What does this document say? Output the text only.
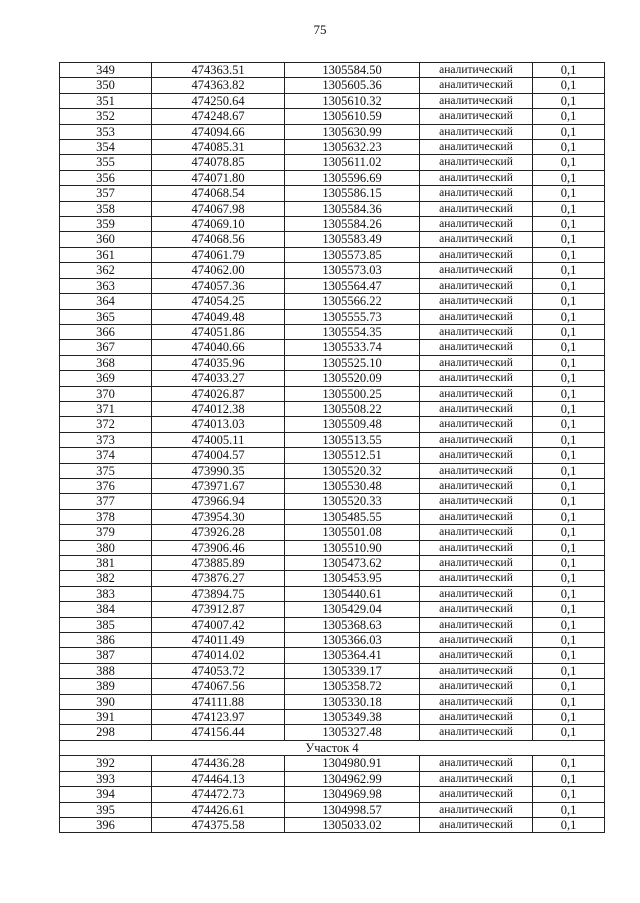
75
349	474363.51	1305584.50	аналитический	0,1
350	474363.82	1305605.36	аналитический	0,1
351	474250.64	1305610.32	аналитический	0,1
352	474248.67	1305610.59	аналитический	0,1
353	474094.66	1305630.99	аналитический	0,1
354	474085.31	1305632.23	аналитический	0,1
355	474078.85	1305611.02	аналитический	0,1
356	474071.80	1305596.69	аналитический	0,1
357	474068.54	1305586.15	аналитический	0,1
358	474067.98	1305584.36	аналитический	0,1
359	474069.10	1305584.26	аналитический	0,1
360	474068.56	1305583.49	аналитический	0,1
361	474061.79	1305573.85	аналитический	0,1
362	474062.00	1305573.03	аналитический	0,1
363	474057.36	1305564.47	аналитический	0,1
364	474054.25	1305566.22	аналитический	0,1
365	474049.48	1305555.73	аналитический	0,1
366	474051.86	1305554.35	аналитический	0,1
367	474040.66	1305533.74	аналитический	0,1
368	474035.96	1305525.10	аналитический	0,1
369	474033.27	1305520.09	аналитический	0,1
370	474026.87	1305500.25	аналитический	0,1
371	474012.38	1305508.22	аналитический	0,1
372	474013.03	1305509.48	аналитический	0,1
373	474005.11	1305513.55	аналитический	0,1
374	474004.57	1305512.51	аналитический	0,1
375	473990.35	1305520.32	аналитический	0,1
376	473971.67	1305530.48	аналитический	0,1
377	473966.94	1305520.33	аналитический	0,1
378	473954.30	1305485.55	аналитический	0,1
379	473926.28	1305501.08	аналитический	0,1
380	473906.46	1305510.90	аналитический	0,1
381	473885.89	1305473.62	аналитический	0,1
382	473876.27	1305453.95	аналитический	0,1
383	473894.75	1305440.61	аналитический	0,1
384	473912.87	1305429.04	аналитический	0,1
385	474007.42	1305368.63	аналитический	0,1
386	474011.49	1305366.03	аналитический	0,1
387	474014.02	1305364.41	аналитический	0,1
388	474053.72	1305339.17	аналитический	0,1
389	474067.56	1305358.72	аналитический	0,1
390	474111.88	1305330.18	аналитический	0,1
391	474123.97	1305349.38	аналитический	0,1
298	474156.44	1305327.48	аналитический	0,1
Участок 4				
392	474436.28	1304980.91	аналитический	0,1
393	474464.13	1304962.99	аналитический	0,1
394	474472.73	1304969.98	аналитический	0,1
395	474426.61	1304998.57	аналитический	0,1
396	474375.58	1305033.02	аналитический	0,1
